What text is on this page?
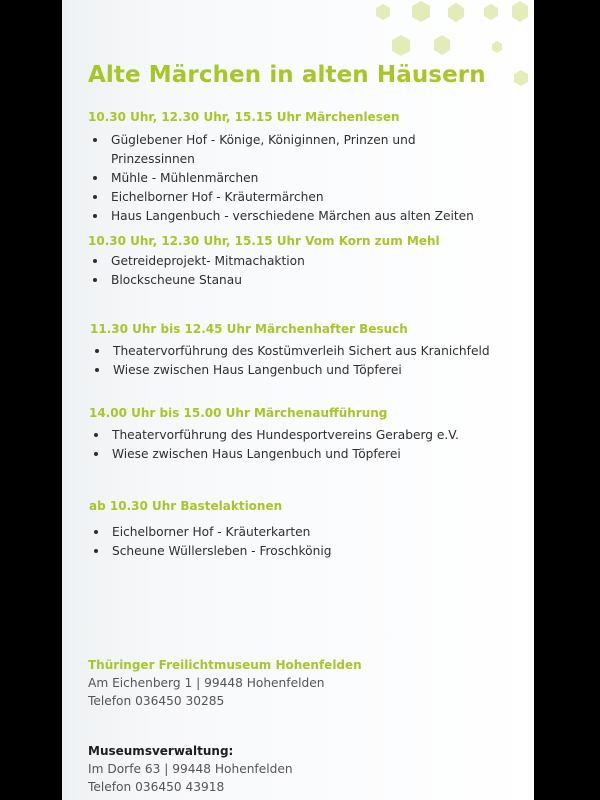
Alte Märchen in alten Häusern

10.30 Uhr, 12.30 Uhr, 15.15 Uhr Märchenlesen

Güglebener Hof - Könige, Königinnen, Prinzen und
Prinzessinnen
Mühle - Mühlenmärchen
Eichelborner Hof - Kräutermärchen
Haus Langenbuch - verschiedene Märchen aus alten Zeiten

10.30 Uhr, 12.30 Uhr, 15.15 Uhr Vom Korn zum Mehl

Getreideprojekt- Mitmachaktion
Blockscheune Stanau

11.30 Uhr bis 12.45 Uhr Märchenhafter Besuch

Theatervorführung des Kostümverleih Sichert aus Kranichfeld
Wiese zwischen Haus Langenbuch und Töpferei

14.00 Uhr bis 15.00 Uhr Märchenaufführung

Theatervorführung des Hundesportvereins Geraberg e.V.
Wiese zwischen Haus Langenbuch und Töpferei

ab 10.30 Uhr Bastelaktionen

Eichelborner Hof - Kräuterkarten
Scheune Wüllersleben - Froschkönig
Thüringer Freilichtmuseum Hohenfelden
Am Eichenberg 1 | 99448 Hohenfelden
Telefon 036450 30285
Museumsverwaltung:
Im Dorfe 63 | 99448 Hohenfelden
Telefon 036450 43918
